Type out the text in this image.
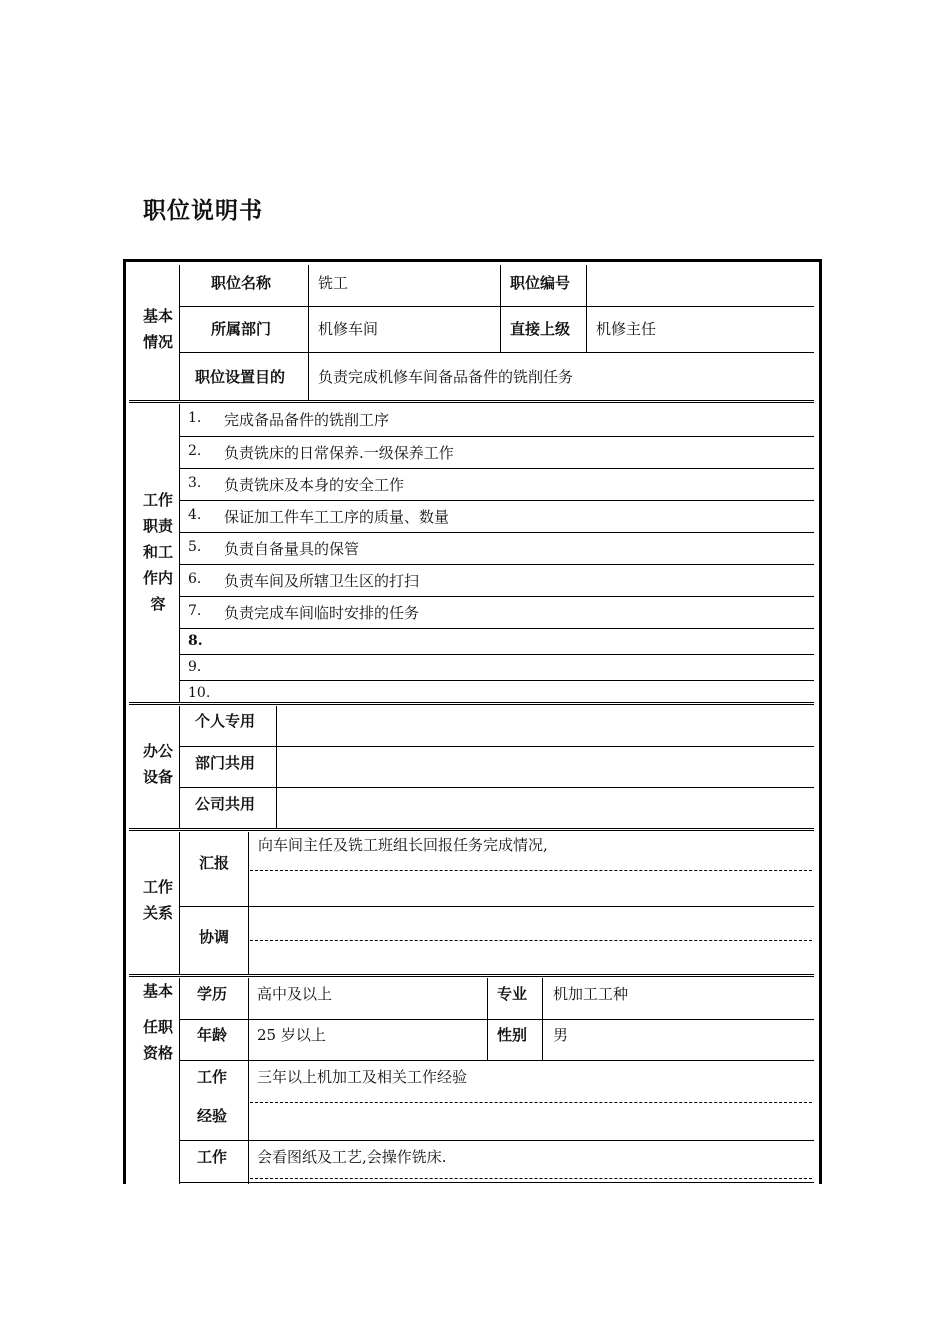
职位说明书
基本
情况
职位名称	铣工	职位编号
所属部门	机修车间	直接上级 机修主任
职位设置目的 负责完成机修车间备品备件的铣削任务
工作
职责
和工
作内
容
1. 完成备品备件的铣削工序
2. 负责铣床的日常保养.一级保养工作
3. 负责铣床及本身的安全工作
4. 保证加工件车工工序的质量、数量
5. 负责自备量具的保管
6. 负责车间及所辖卫生区的打扫
7. 负责完成车间临时安排的任务
8.
9.
10.
办公
设备
个人专用
部门共用
公司共用
工作
关系
汇报
向车间主任及铣工班组长回报任务完成情况,
协调
基本
任职
资格
学历 高中及以上	专业 机加工工种
年龄 25 岁以上	性别 男
工作
经验
三年以上机加工及相关工作经验
工作 会看图纸及工艺,会操作铣床.
